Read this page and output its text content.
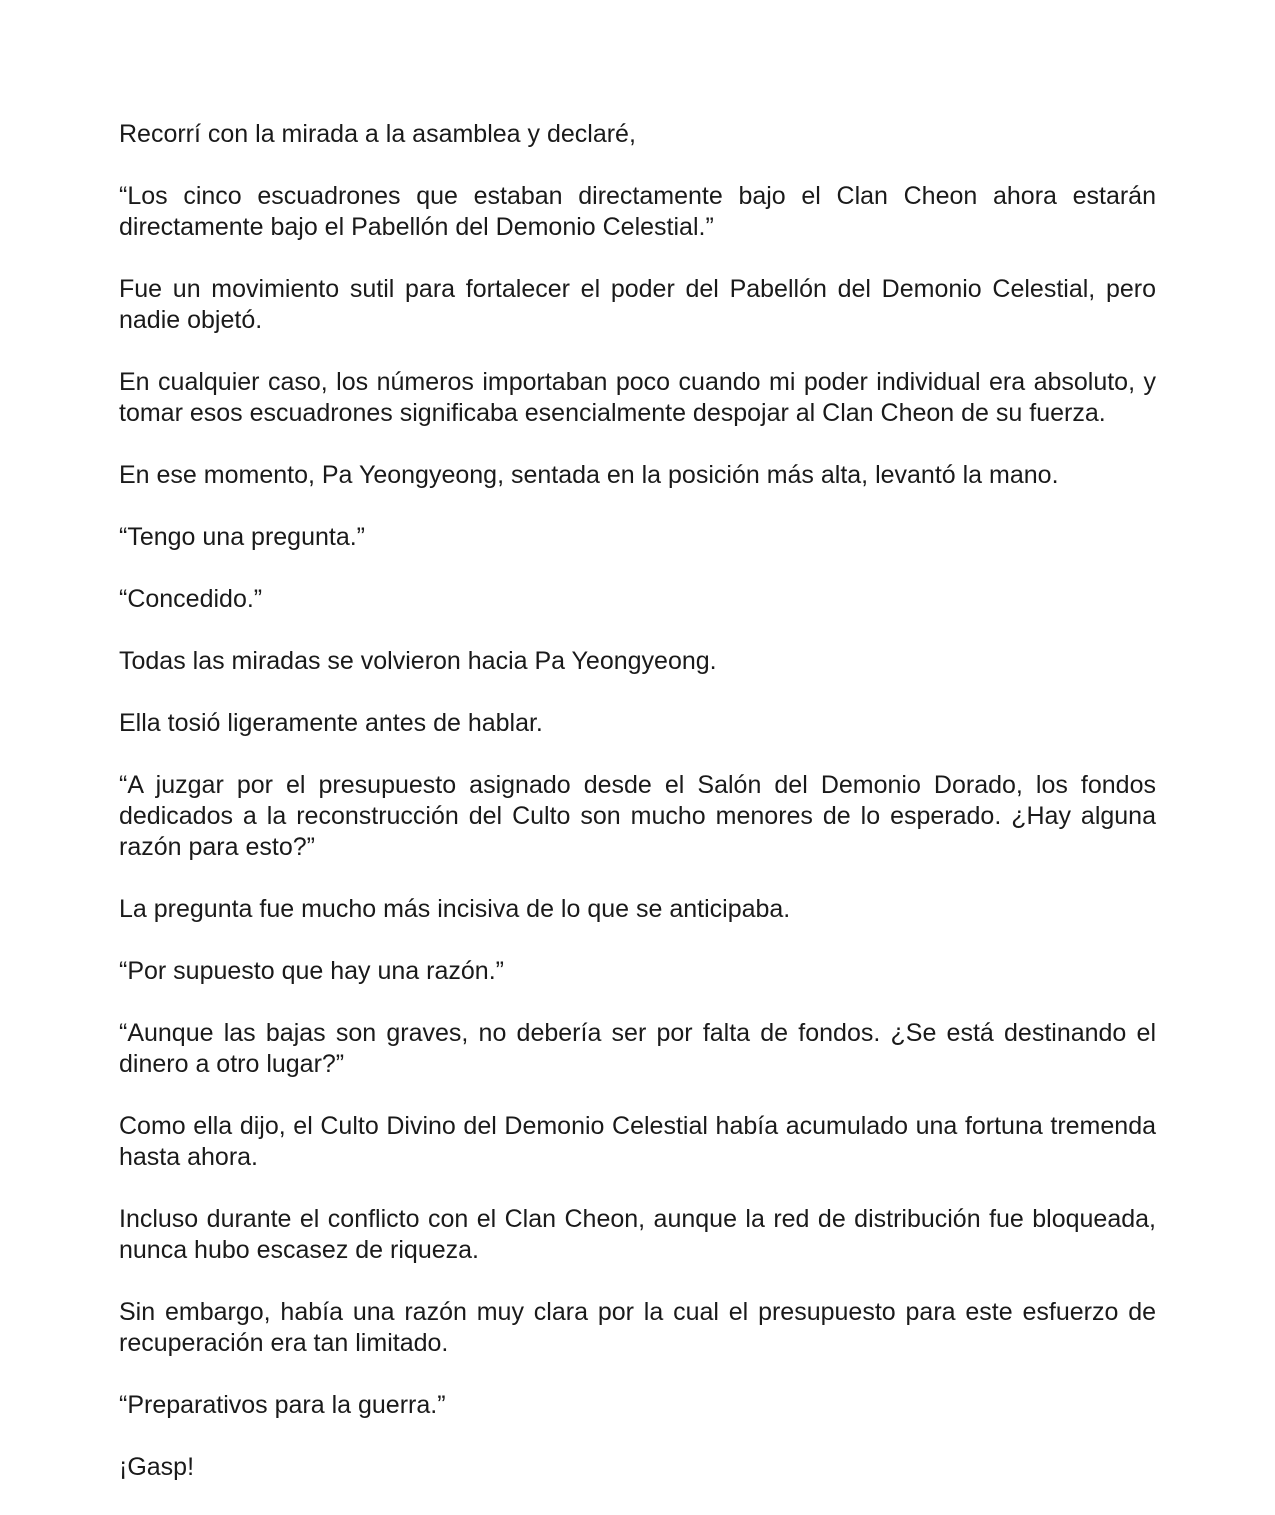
Recorrí con la mirada a la asamblea y declaré,

“Los cinco escuadrones que estaban directamente bajo el Clan Cheon ahora estarán directamente bajo el Pabellón del Demonio Celestial.”

Fue un movimiento sutil para fortalecer el poder del Pabellón del Demonio Celestial, pero nadie objetó.

En cualquier caso, los números importaban poco cuando mi poder individual era absoluto, y tomar esos escuadrones significaba esencialmente despojar al Clan Cheon de su fuerza.

En ese momento, Pa Yeongyeong, sentada en la posición más alta, levantó la mano.

“Tengo una pregunta.”

“Concedido.”

Todas las miradas se volvieron hacia Pa Yeongyeong.

Ella tosió ligeramente antes de hablar.

“A juzgar por el presupuesto asignado desde el Salón del Demonio Dorado, los fondos dedicados a la reconstrucción del Culto son mucho menores de lo esperado. ¿Hay alguna razón para esto?”

La pregunta fue mucho más incisiva de lo que se anticipaba.

“Por supuesto que hay una razón.”

“Aunque las bajas son graves, no debería ser por falta de fondos. ¿Se está destinando el dinero a otro lugar?”

Como ella dijo, el Culto Divino del Demonio Celestial había acumulado una fortuna tremenda hasta ahora.

Incluso durante el conflicto con el Clan Cheon, aunque la red de distribución fue bloqueada, nunca hubo escasez de riqueza.

Sin embargo, había una razón muy clara por la cual el presupuesto para este esfuerzo de recuperación era tan limitado.

“Preparativos para la guerra.”

¡Gasp!
